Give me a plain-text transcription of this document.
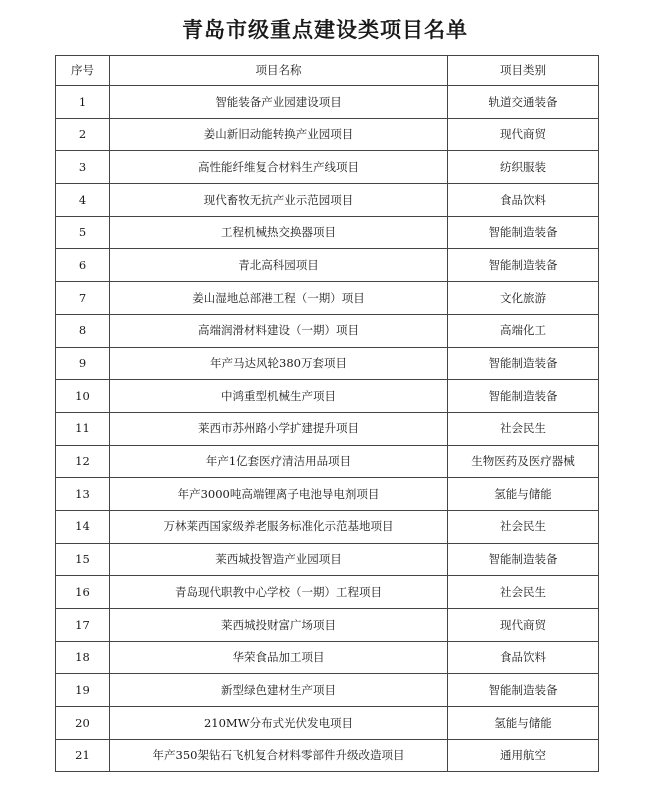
青岛市级重点建设类项目名单
序号	项目名称	项目类别
1	智能装备产业园建设项目	轨道交通装备
2	姜山新旧动能转换产业园项目	现代商贸
3	高性能纤维复合材料生产线项目	纺织服装
4	现代畜牧无抗产业示范园项目	食品饮料
5	工程机械热交换器项目	智能制造装备
6	青北高科园项目	智能制造装备
7	姜山湿地总部港工程（一期）项目	文化旅游
8	高端润滑材料建设（一期）项目	高端化工
9	年产马达风轮380万套项目	智能制造装备
10	中鸿重型机械生产项目	智能制造装备
11	莱西市苏州路小学扩建提升项目	社会民生
12	年产1亿套医疗清洁用品项目	生物医药及医疗器械
13	年产3000吨高端锂离子电池导电剂项目	氢能与储能
14	万林莱西国家级养老服务标准化示范基地项目	社会民生
15	莱西城投智造产业园项目	智能制造装备
16	青岛现代职教中心学校（一期）工程项目	社会民生
17	莱西城投财富广场项目	现代商贸
18	华荣食品加工项目	食品饮料
19	新型绿色建材生产项目	智能制造装备
20	210MW分布式光伏发电项目	氢能与储能
21	年产350架钻石飞机复合材料零部件升级改造项目	通用航空
